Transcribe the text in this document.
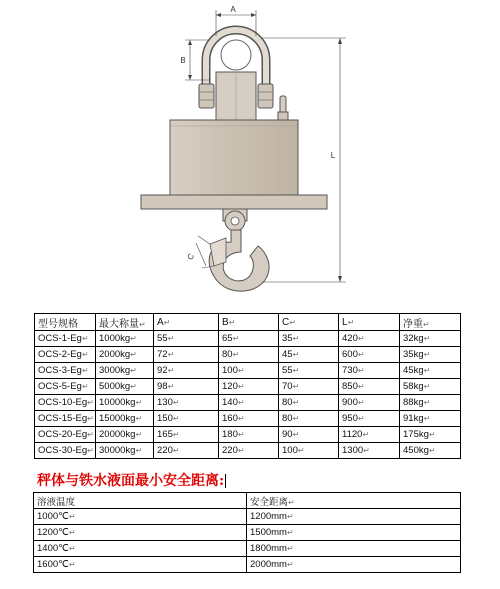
A
B
L
C
型号规格	最大称量↵	A↵	B↵	C↵	L↵	净重↵
OCS-1-Eg↵	1000kg↵	55↵	65↵	35↵	420↵	32kg↵
OCS-2-Eg↵	2000kg↵	72↵	80↵	45↵	600↵	35kg↵
OCS-3-Eg↵	3000kg↵	92↵	100↵	55↵	730↵	45kg↵
OCS-5-Eg↵	5000kg↵	98↵	120↵	70↵	850↵	58kg↵
OCS-10-Eg↵	10000kg↵	130↵	140↵	80↵	900↵	88kg↵
OCS-15-Eg↵	15000kg↵	150↵	160↵	80↵	950↵	91kg↵
OCS-20-Eg↵	20000kg↵	165↵	180↵	90↵	1120↵	175kg↵
OCS-30-Eg↵	30000kg↵	220↵	220↵	100↵	1300↵	450kg↵

秤体与铁水液面最小安全距离:

溶液温度	安全距离↵
1000℃↵	1200mm↵
1200℃↵	1500mm↵
1400℃↵	1800mm↵
1600℃↵	2000mm↵
